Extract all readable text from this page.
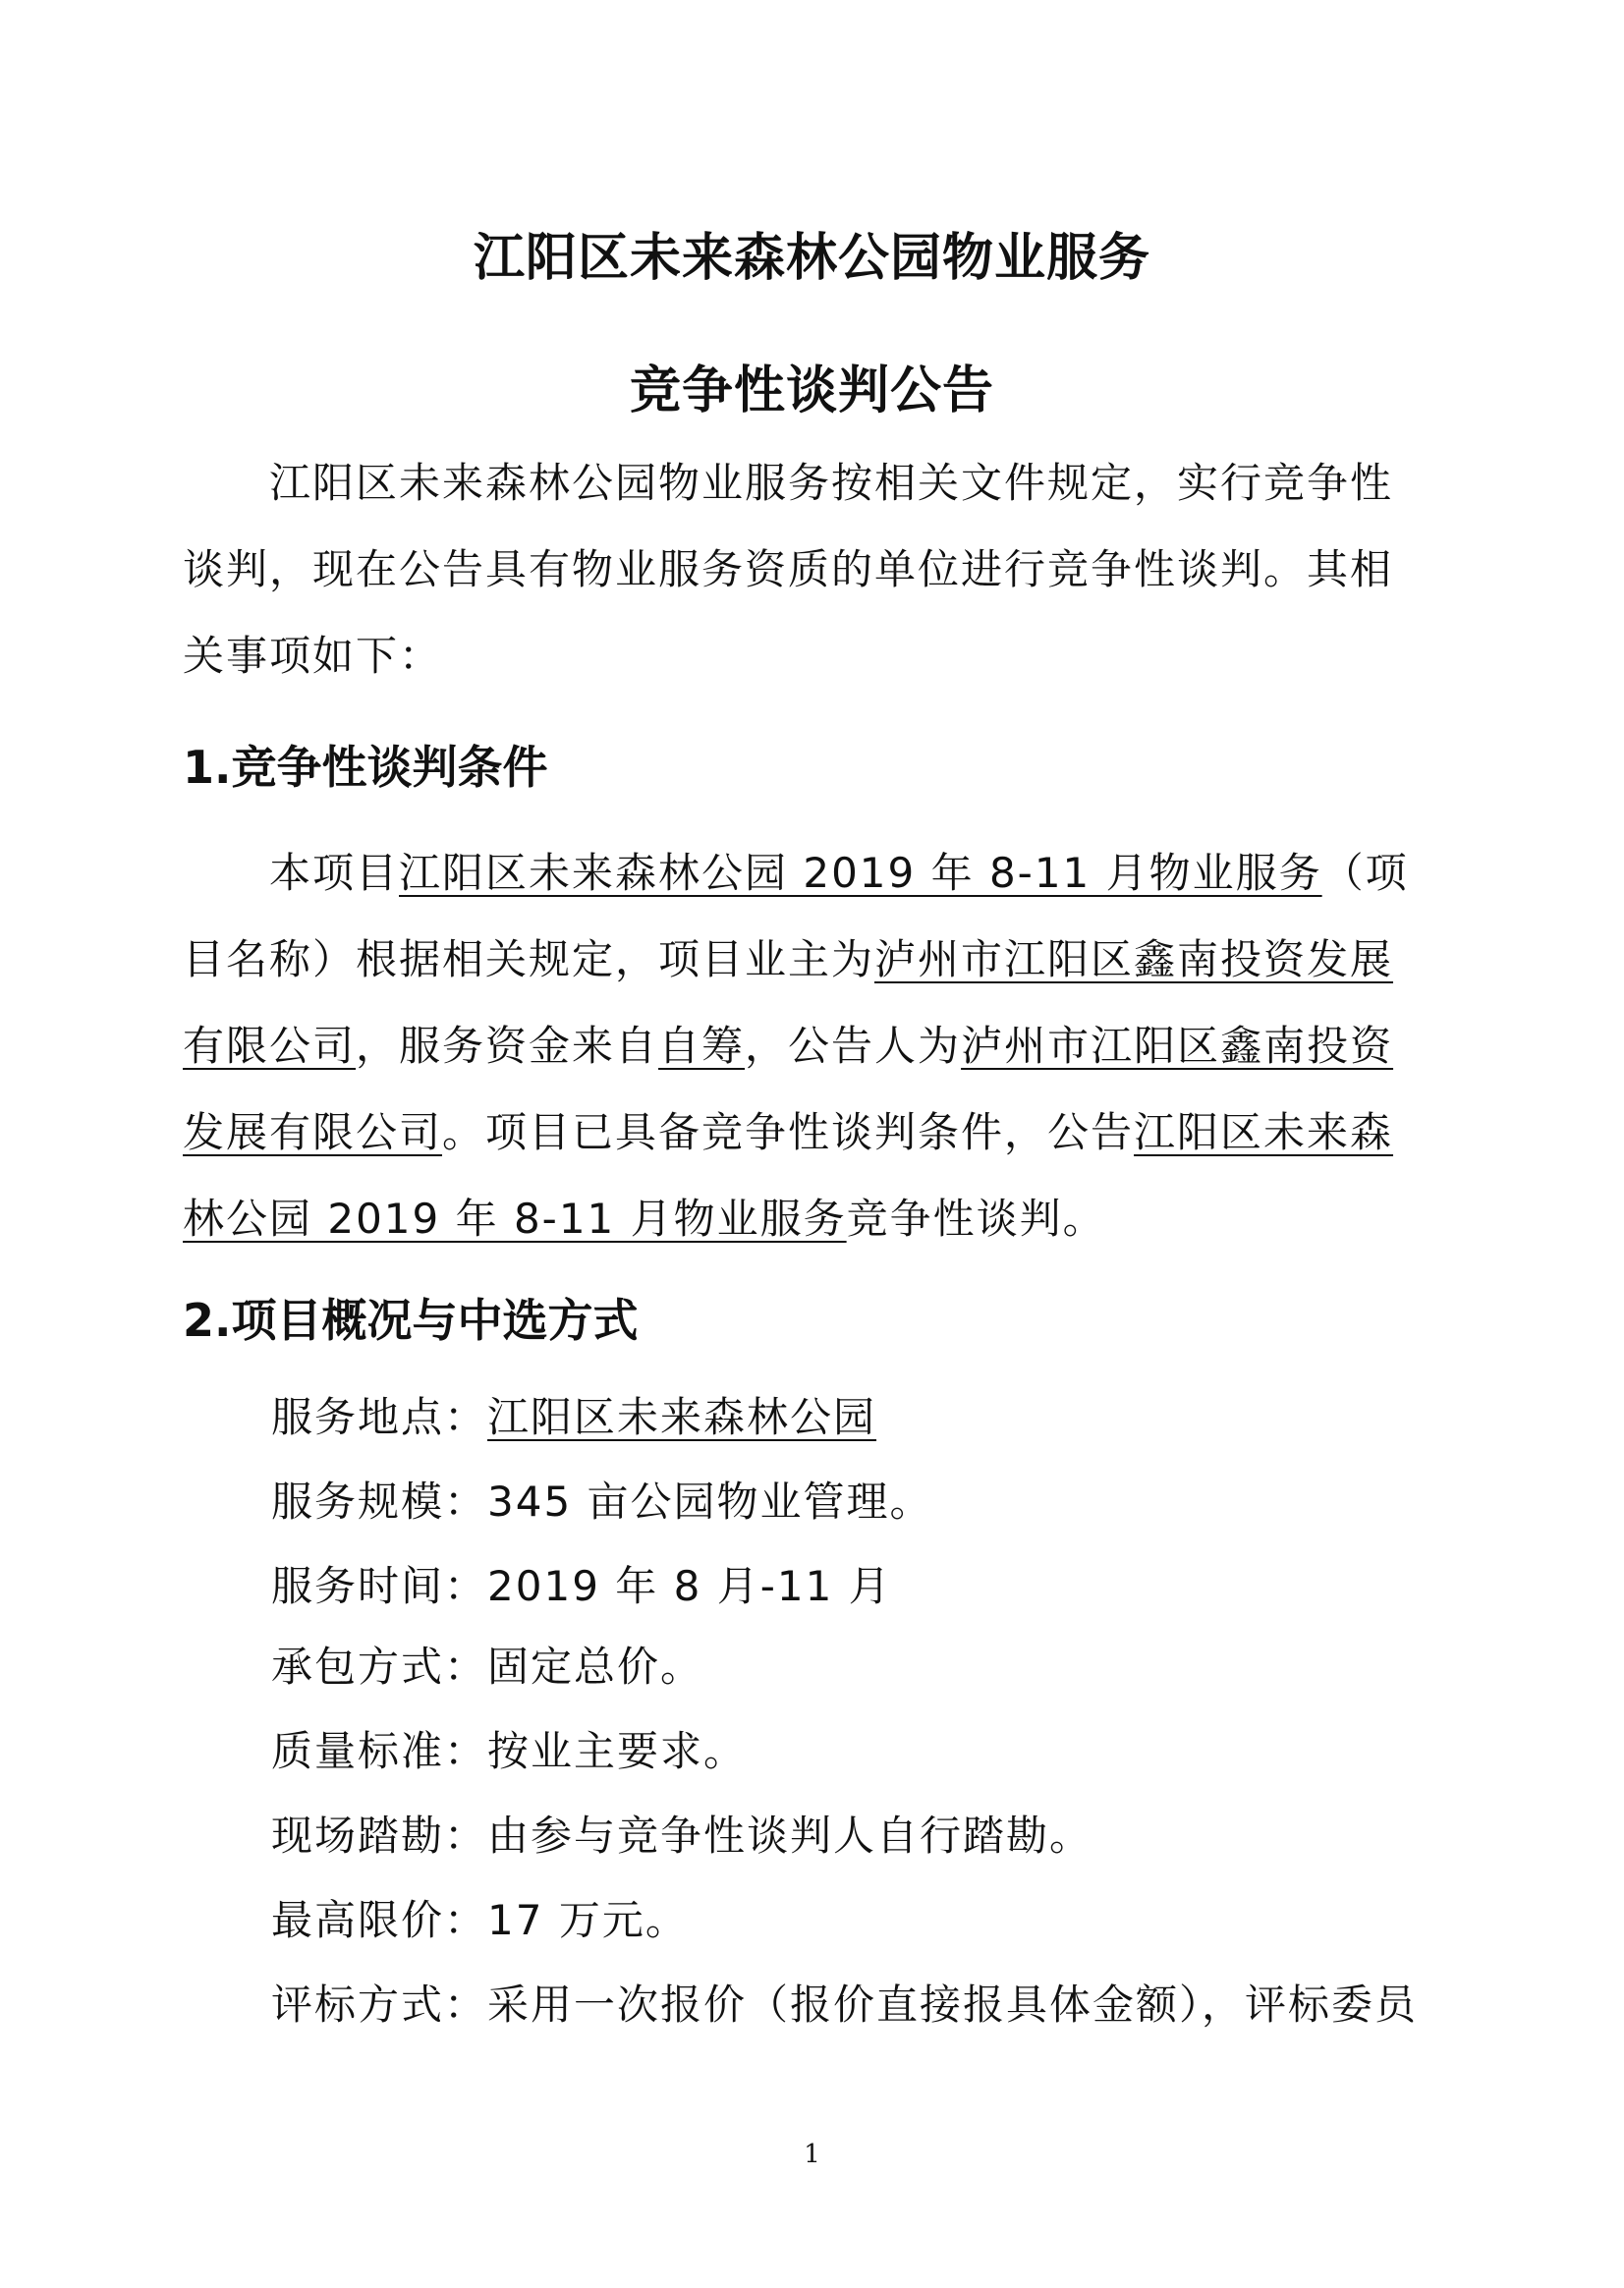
江阳区未来森林公园物业服务
竞争性谈判公告

江阳区未来森林公园物业服务按相关文件规定，实行竞争性谈判，现在公告具有物业服务资质的单位进行竞争性谈判。其相关事项如下：

1.竞争性谈判条件

本项目江阳区未来森林公园 2019 年 8-11 月物业服务（项目名称）根据相关规定，项目业主为泸州市江阳区鑫南投资发展有限公司，服务资金来自自筹，公告人为泸州市江阳区鑫南投资发展有限公司。项目已具备竞争性谈判条件，公告江阳区未来森林公园 2019 年 8-11 月物业服务竞争性谈判。

2.项目概况与中选方式
服务地点：江阳区未来森林公园
服务规模：345 亩公园物业管理。
服务时间：2019 年 8 月-11 月
承包方式：固定总价。
质量标准：按业主要求。
现场踏勘：由参与竞争性谈判人自行踏勘。
最高限价：17 万元。
评标方式：采用一次报价（报价直接报具体金额），评标委员
1
